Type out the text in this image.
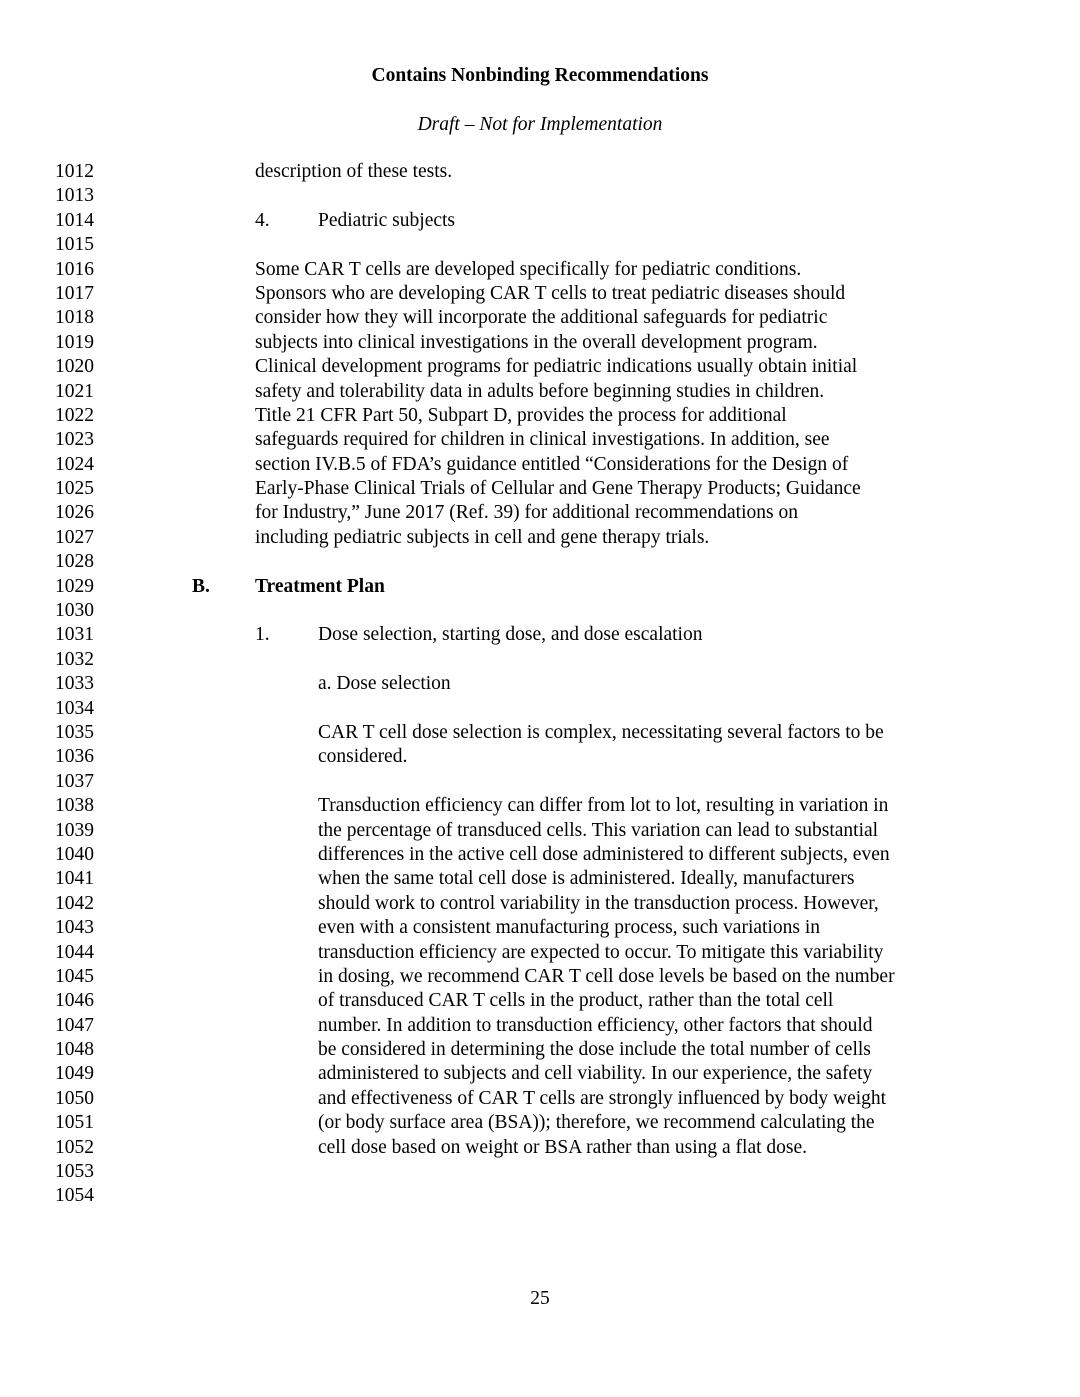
Contains Nonbinding Recommendations
Draft – Not for Implementation
1012	description of these tests.
1013
1014	4. Pediatric subjects
1015
1016	Some CAR T cells are developed specifically for pediatric conditions.
1017	Sponsors who are developing CAR T cells to treat pediatric diseases should
1018	consider how they will incorporate the additional safeguards for pediatric
1019	subjects into clinical investigations in the overall development program.
1020	Clinical development programs for pediatric indications usually obtain initial
1021	safety and tolerability data in adults before beginning studies in children.
1022	Title 21 CFR Part 50, Subpart D, provides the process for additional
1023	safeguards required for children in clinical investigations. In addition, see
1024	section IV.B.5 of FDA’s guidance entitled “Considerations for the Design of
1025	Early-Phase Clinical Trials of Cellular and Gene Therapy Products; Guidance
1026	for Industry,” June 2017 (Ref. 39) for additional recommendations on
1027	including pediatric subjects in cell and gene therapy trials.
1028
1029	B. Treatment Plan
1030
1031	1. Dose selection, starting dose, and dose escalation
1032
1033	a. Dose selection
1034
1035	CAR T cell dose selection is complex, necessitating several factors to be
1036	considered.
1037
1038	Transduction efficiency can differ from lot to lot, resulting in variation in
1039	the percentage of transduced cells. This variation can lead to substantial
1040	differences in the active cell dose administered to different subjects, even
1041	when the same total cell dose is administered. Ideally, manufacturers
1042	should work to control variability in the transduction process. However,
1043	even with a consistent manufacturing process, such variations in
1044	transduction efficiency are expected to occur. To mitigate this variability
1045	in dosing, we recommend CAR T cell dose levels be based on the number
1046	of transduced CAR T cells in the product, rather than the total cell
1047	number. In addition to transduction efficiency, other factors that should
1048	be considered in determining the dose include the total number of cells
1049	administered to subjects and cell viability. In our experience, the safety
1050	and effectiveness of CAR T cells are strongly influenced by body weight
1051	(or body surface area (BSA)); therefore, we recommend calculating the
1052	cell dose based on weight or BSA rather than using a flat dose.
1053
1054
25
